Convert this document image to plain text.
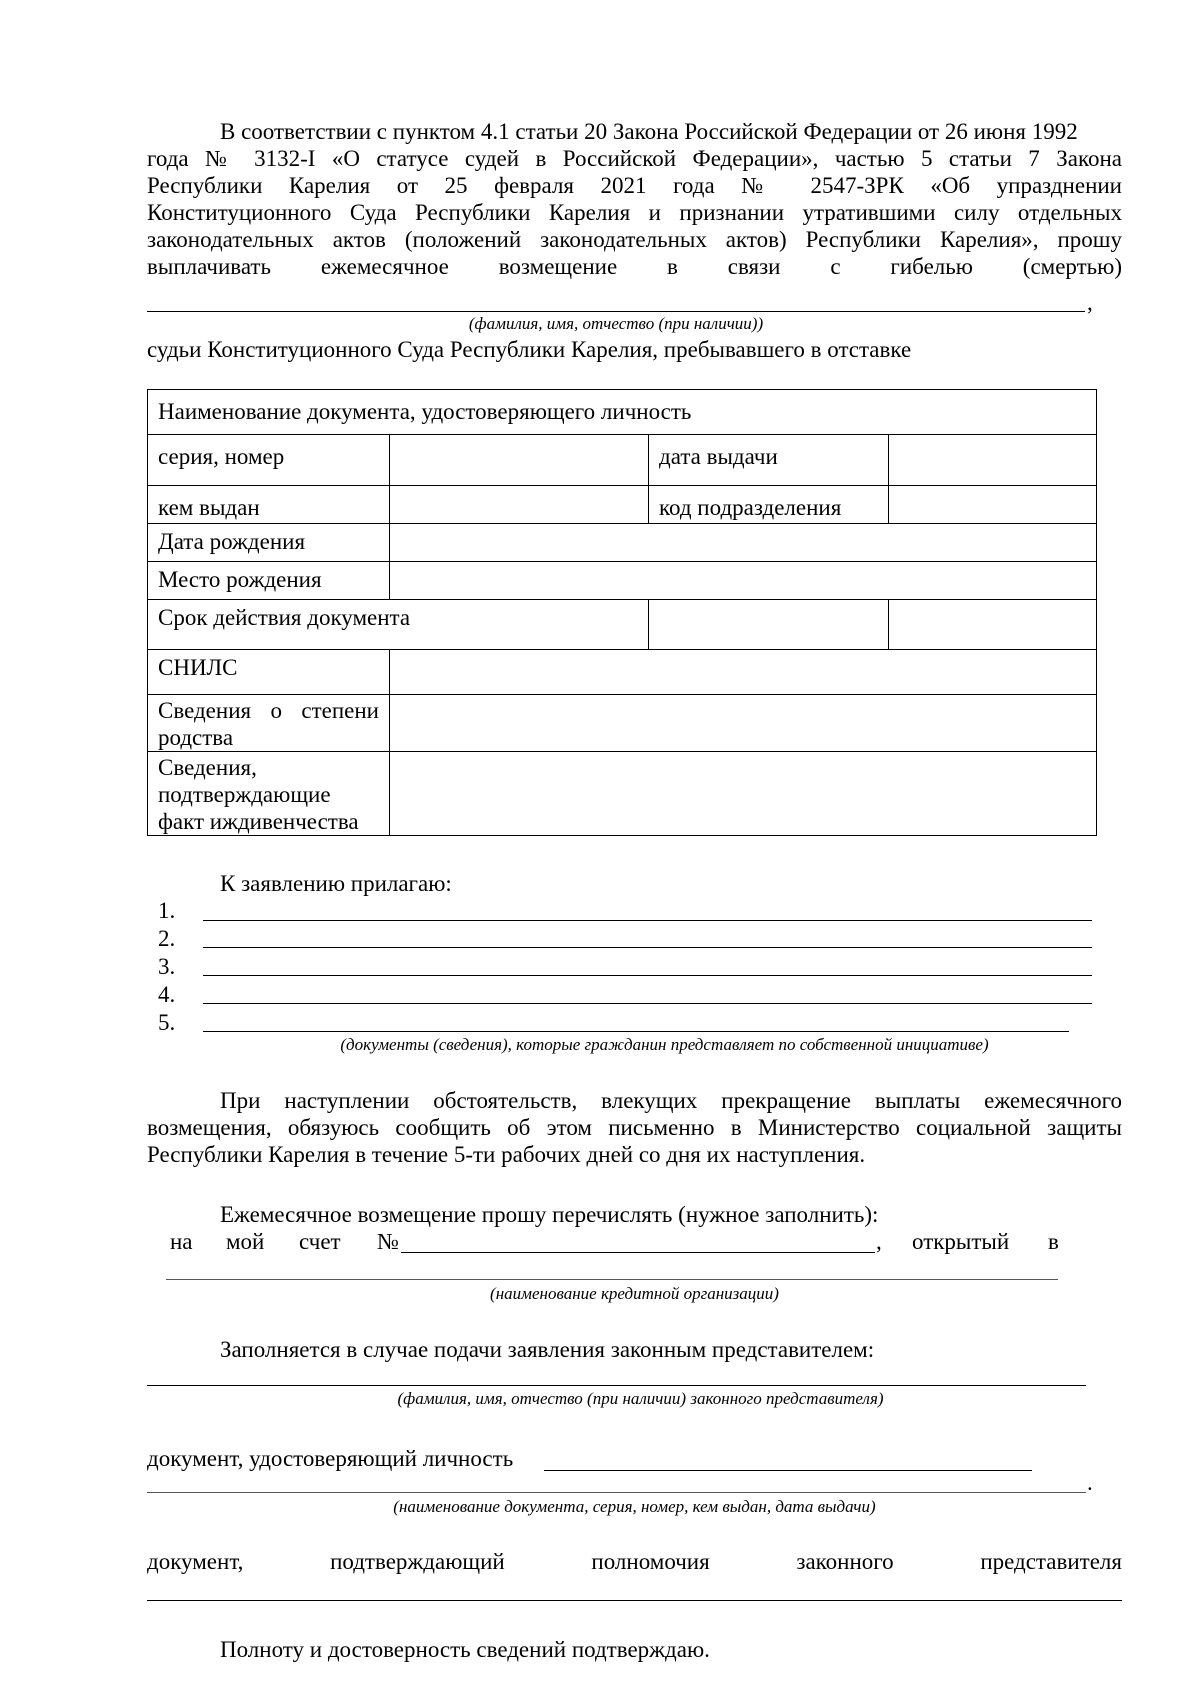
В соответствии с пунктом 4.1 статьи 20 Закона Российской Федерации от 26 июня 1992
года № 3132-I «О статусе судей в Российской Федерации», частью 5 статьи 7 Закона
Республики Карелия от 25 февраля 2021 года № 2547-ЗРК «Об упразднении
Конституционного Суда Республики Карелия и признании утратившими силу отдельных
законодательных актов (положений законодательных актов) Республики Карелия», прошу
выплачивать ежемесячное возмещение в связи с гибелью (смертью)
,
(фамилия, имя, отчество (при наличии))
судьи Конституционного Суда Республики Карелия, пребывавшего в отставке
Наименование документа, удостоверяющего личность			
серия, номер		дата выдачи	
кем выдан		код подразделения	
Дата рождения			
Место рождения			
Срок действия документа			
СНИЛС			
Сведения о степени родства			
Сведения, подтверждающие факт иждивенчества			
К заявлению прилагаю:
1.
2.
3.
4.
5.
(документы (сведения), которые гражданин представляет по собственной инициативе)
При наступлении обстоятельств, влекущих прекращение выплаты ежемесячного
возмещения, обязуюсь сообщить об этом письменно в Министерство социальной защиты
Республики Карелия в течение 5-ти рабочих дней со дня их наступления.
Ежемесячное возмещение прошу перечислять (нужное заполнить):
на мой счет №	, открытый в
(наименование кредитной организации)
Заполняется в случае подачи заявления законным представителем:
(фамилия, имя, отчество (при наличии) законного представителя)
документ, удостоверяющий личность
.
(наименование документа, серия, номер, кем выдан, дата выдачи)
документ,	подтверждающий	полномочия	законного	представителя
Полноту и достоверность сведений подтверждаю.
